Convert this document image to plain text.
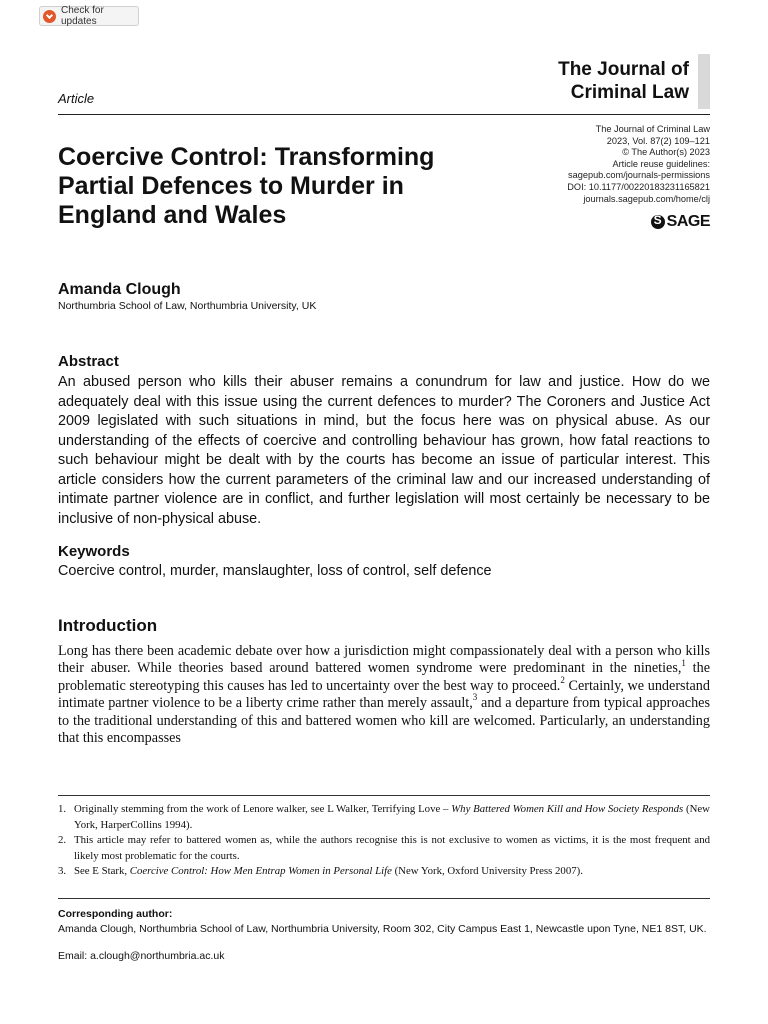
Check for updates
The Journal of
Criminal Law
Article
The Journal of Criminal Law
2023, Vol. 87(2) 109–121
© The Author(s) 2023
Article reuse guidelines:
sagepub.com/journals-permissions
DOI: 10.1177/00220183231165821
journals.sagepub.com/home/clj
S
SAGE
Coercive Control: Transforming
Partial Defences to Murder in
England and Wales
Amanda Clough
Northumbria School of Law, Northumbria University, UK
Abstract

An abused person who kills their abuser remains a conundrum for law and justice. How do we adequately deal with this issue using the current defences to murder? The Coroners and Justice Act 2009 legislated with such situations in mind, but the focus here was on physical abuse. As our understanding of the effects of coercive and controlling behaviour has grown, how fatal reactions to such behaviour might be dealt with by the courts has become an issue of particular interest. This article considers how the current parameters of the criminal law and our increased understanding of intimate partner violence are in conflict, and further legislation will most certainly be necessary to be inclusive of non-physical abuse.

Keywords
Coercive control, murder, manslaughter, loss of control, self defence
Introduction

Long has there been academic debate over how a jurisdiction might compassionately deal with a person who kills their abuser. While theories based around battered women syndrome were predominant in the nineties,$^1$ the problematic stereotyping this causes has led to uncertainty over the best way to proceed.$^2$ Certainly, we understand intimate partner violence to be a liberty crime rather than merely assault,$^3$ and a departure from typical approaches to the traditional understanding of this and battered women who kill are welcomed. Particularly, an understanding that this encompasses

1. Originally stemming from the work of Lenore walker, see L Walker, Terrifying Love – Why Battered Women Kill and How Society Responds (New York, HarperCollins 1994).
2. This article may refer to battered women as, while the authors recognise this is not exclusive to women as victims, it is the most frequent and likely most problematic for the courts.
3. See E Stark, Coercive Control: How Men Entrap Women in Personal Life (New York, Oxford University Press 2007).
Corresponding author:

Amanda Clough, Northumbria School of Law, Northumbria University, Room 302, City Campus East 1, Newcastle upon Tyne, NE1 8ST, UK.

Email: a.clough@northumbria.ac.uk
